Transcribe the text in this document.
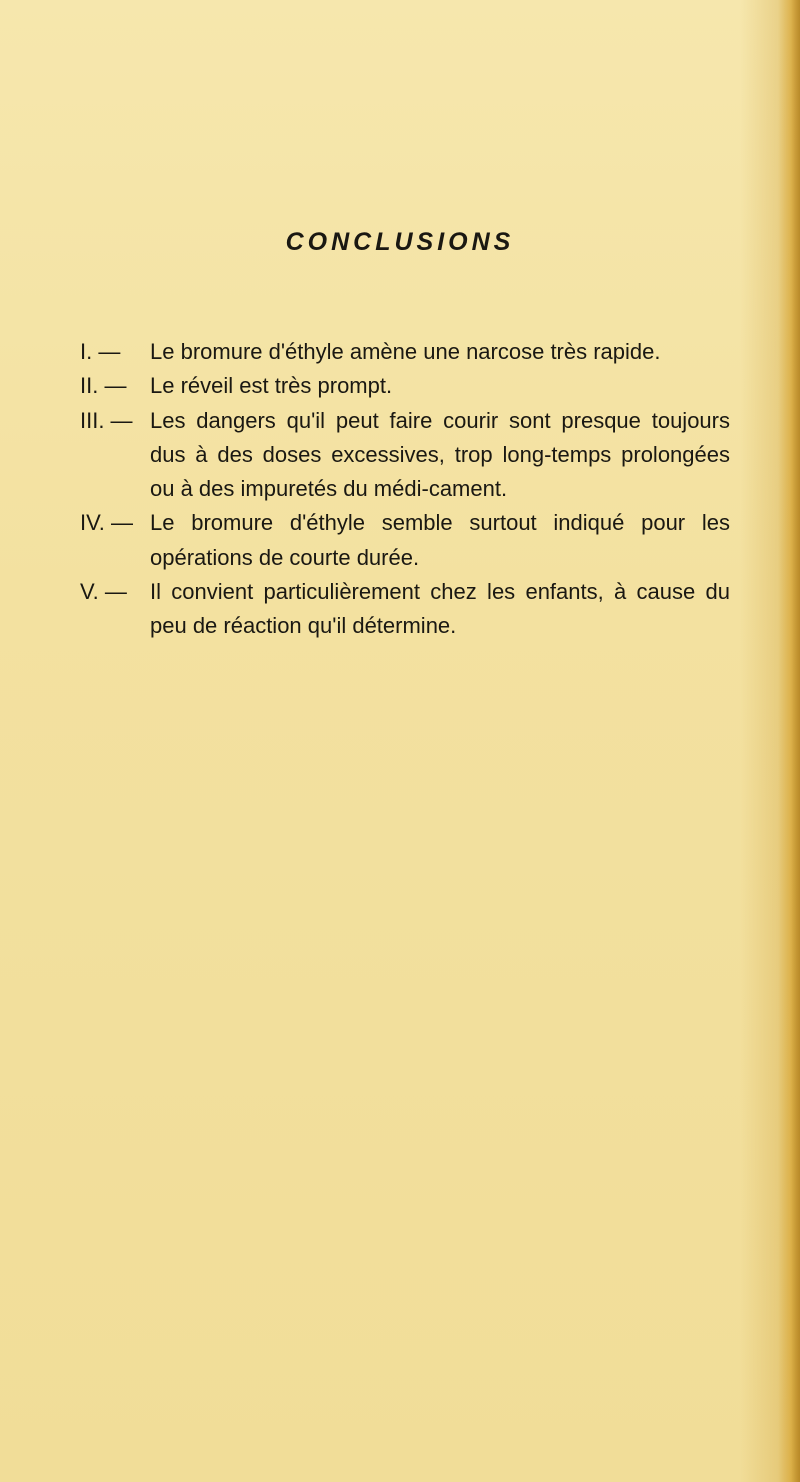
CONCLUSIONS
I. — Le bromure d'éthyle amène une narcose très rapide.
II. — Le réveil est très prompt.
III. — Les dangers qu'il peut faire courir sont presque toujours dus à des doses excessives, trop long-temps prolongées ou à des impuretés du médi-cament.
IV. — Le bromure d'éthyle semble surtout indiqué pour les opérations de courte durée.
V. — Il convient particulièrement chez les enfants, à cause du peu de réaction qu'il détermine.
